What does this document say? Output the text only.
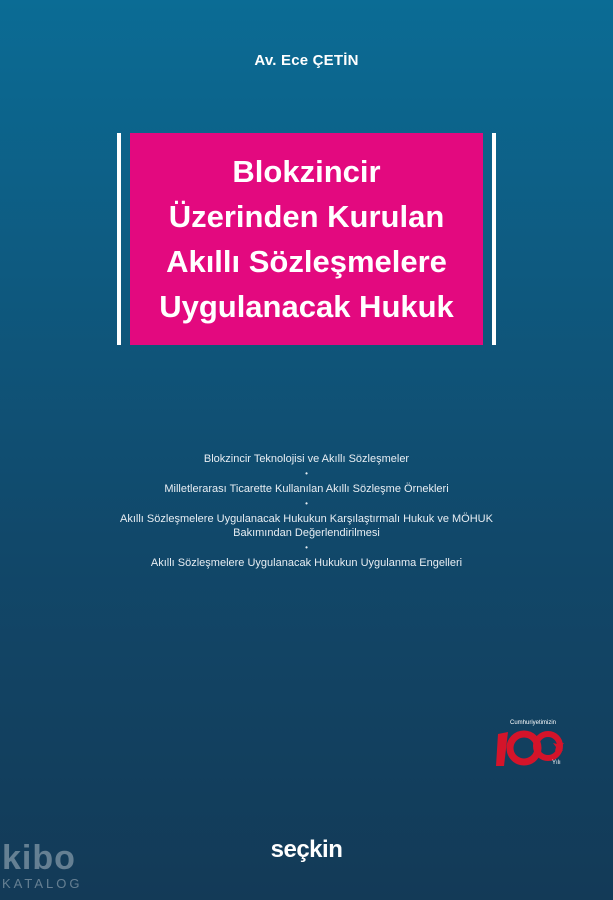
Av. Ece ÇETİN
Blokzincir
Üzerinden Kurulan
Akıllı Sözleşmelere
Uygulanacak Hukuk

Blokzincir Teknolojisi ve Akıllı Sözleşmeler

•

Milletlerarası Ticarette Kullanılan Akıllı Sözleşme Örnekleri

•

Akıllı Sözleşmelere Uygulanacak Hukukun Karşılaştırmalı Hukuk ve MÖHUK

Bakımından Değerlendirilmesi

•

Akıllı Sözleşmelere Uygulanacak Hukukun Uygulanma Engelleri

Cumhuriyetimizin
Yılı
seçkin
kibo
KATALOG
